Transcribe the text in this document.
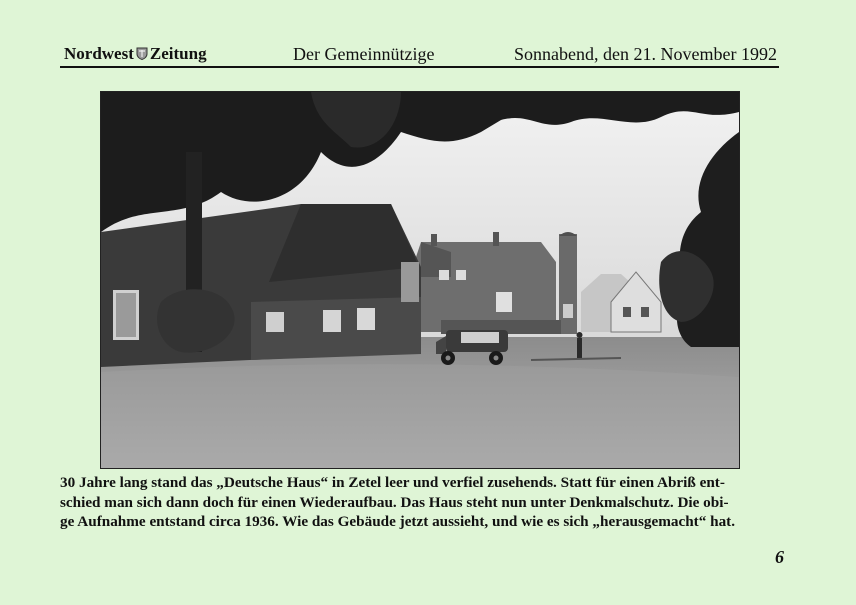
Nordwest Zeitung	Der Gemeinnützige	Sonnabend, den 21. November 1992

30 Jahre lang stand das „Deutsche Haus“ in Zetel leer und verfiel zusehends. Statt für einen Abriß ent-
schied man sich dann doch für einen Wiederaufbau. Das Haus steht nun unter Denkmalschutz. Die obi-
ge Aufnahme entstand circa 1936. Wie das Gebäude jetzt aussieht, und wie es sich „herausgemacht“ hat.

6
